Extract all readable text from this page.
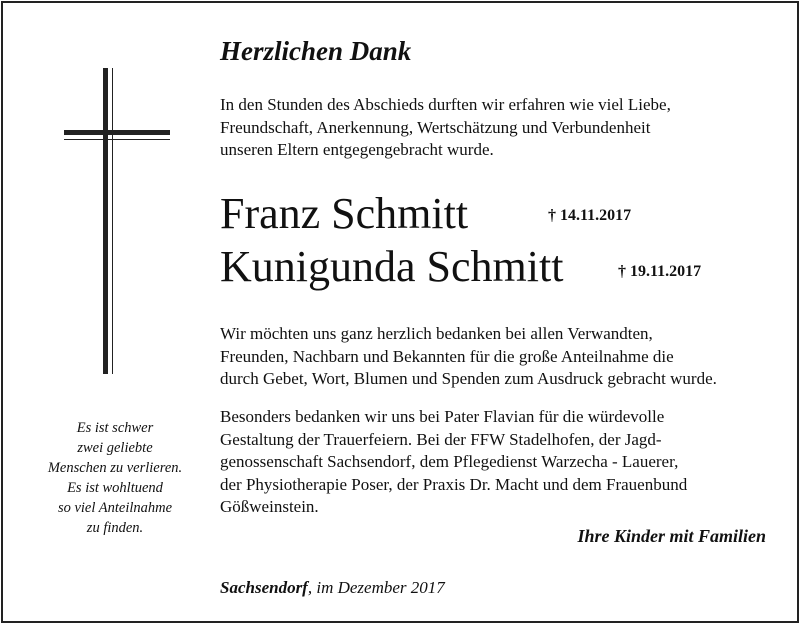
Es ist schwer
zwei geliebte
Menschen zu verlieren.
Es ist wohltuend
so viel Anteilnahme
zu finden.
Herzlichen Dank
In den Stunden des Abschieds durften wir erfahren wie viel Liebe,
Freundschaft, Anerkennung, Wertschätzung und Verbundenheit
unseren Eltern entgegengebracht wurde.
Franz Schmitt	† 14.11.2017
Kunigunda Schmitt	† 19.11.2017
Wir möchten uns ganz herzlich bedanken bei allen Verwandten,
Freunden, Nachbarn und Bekannten für die große Anteilnahme die
durch Gebet, Wort, Blumen und Spenden zum Ausdruck gebracht wurde.
Besonders bedanken wir uns bei Pater Flavian für die würdevolle
Gestaltung der Trauerfeiern. Bei der FFW Stadelhofen, der Jagd-
genossenschaft Sachsendorf, dem Pflegedienst Warzecha - Lauerer,
der Physiotherapie Poser, der Praxis Dr. Macht und dem Frauenbund
Gößweinstein.
Ihre Kinder mit Familien
Sachsendorf, im Dezember 2017
